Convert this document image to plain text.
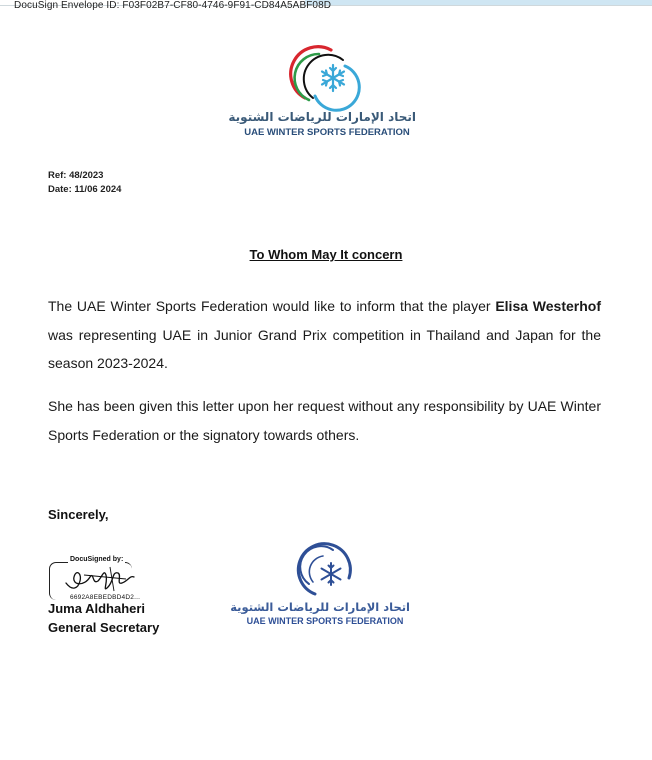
DocuSign Envelope ID: F03F02B7-CF80-4746-9F91-CD84A5ABF08D
اتحاد الإمارات للرياضات الشتوية
UAE WINTER SPORTS FEDERATION
Ref: 48/2023
Date: 11/06 2024
To Whom May It concern
The UAE Winter Sports Federation would like to inform that the player Elisa Westerhof was representing UAE in Junior Grand Prix competition in Thailand and Japan for the season 2023-2024.
She has been given this letter upon her request without any responsibility by UAE Winter Sports Federation or the signatory towards others.
Sincerely,
DocuSigned by:
6692A8EBEDBD4D2...
Juma Aldhaheri
General Secretary
اتحاد الإمارات للرياضات الشتوية
UAE WINTER SPORTS FEDERATION
